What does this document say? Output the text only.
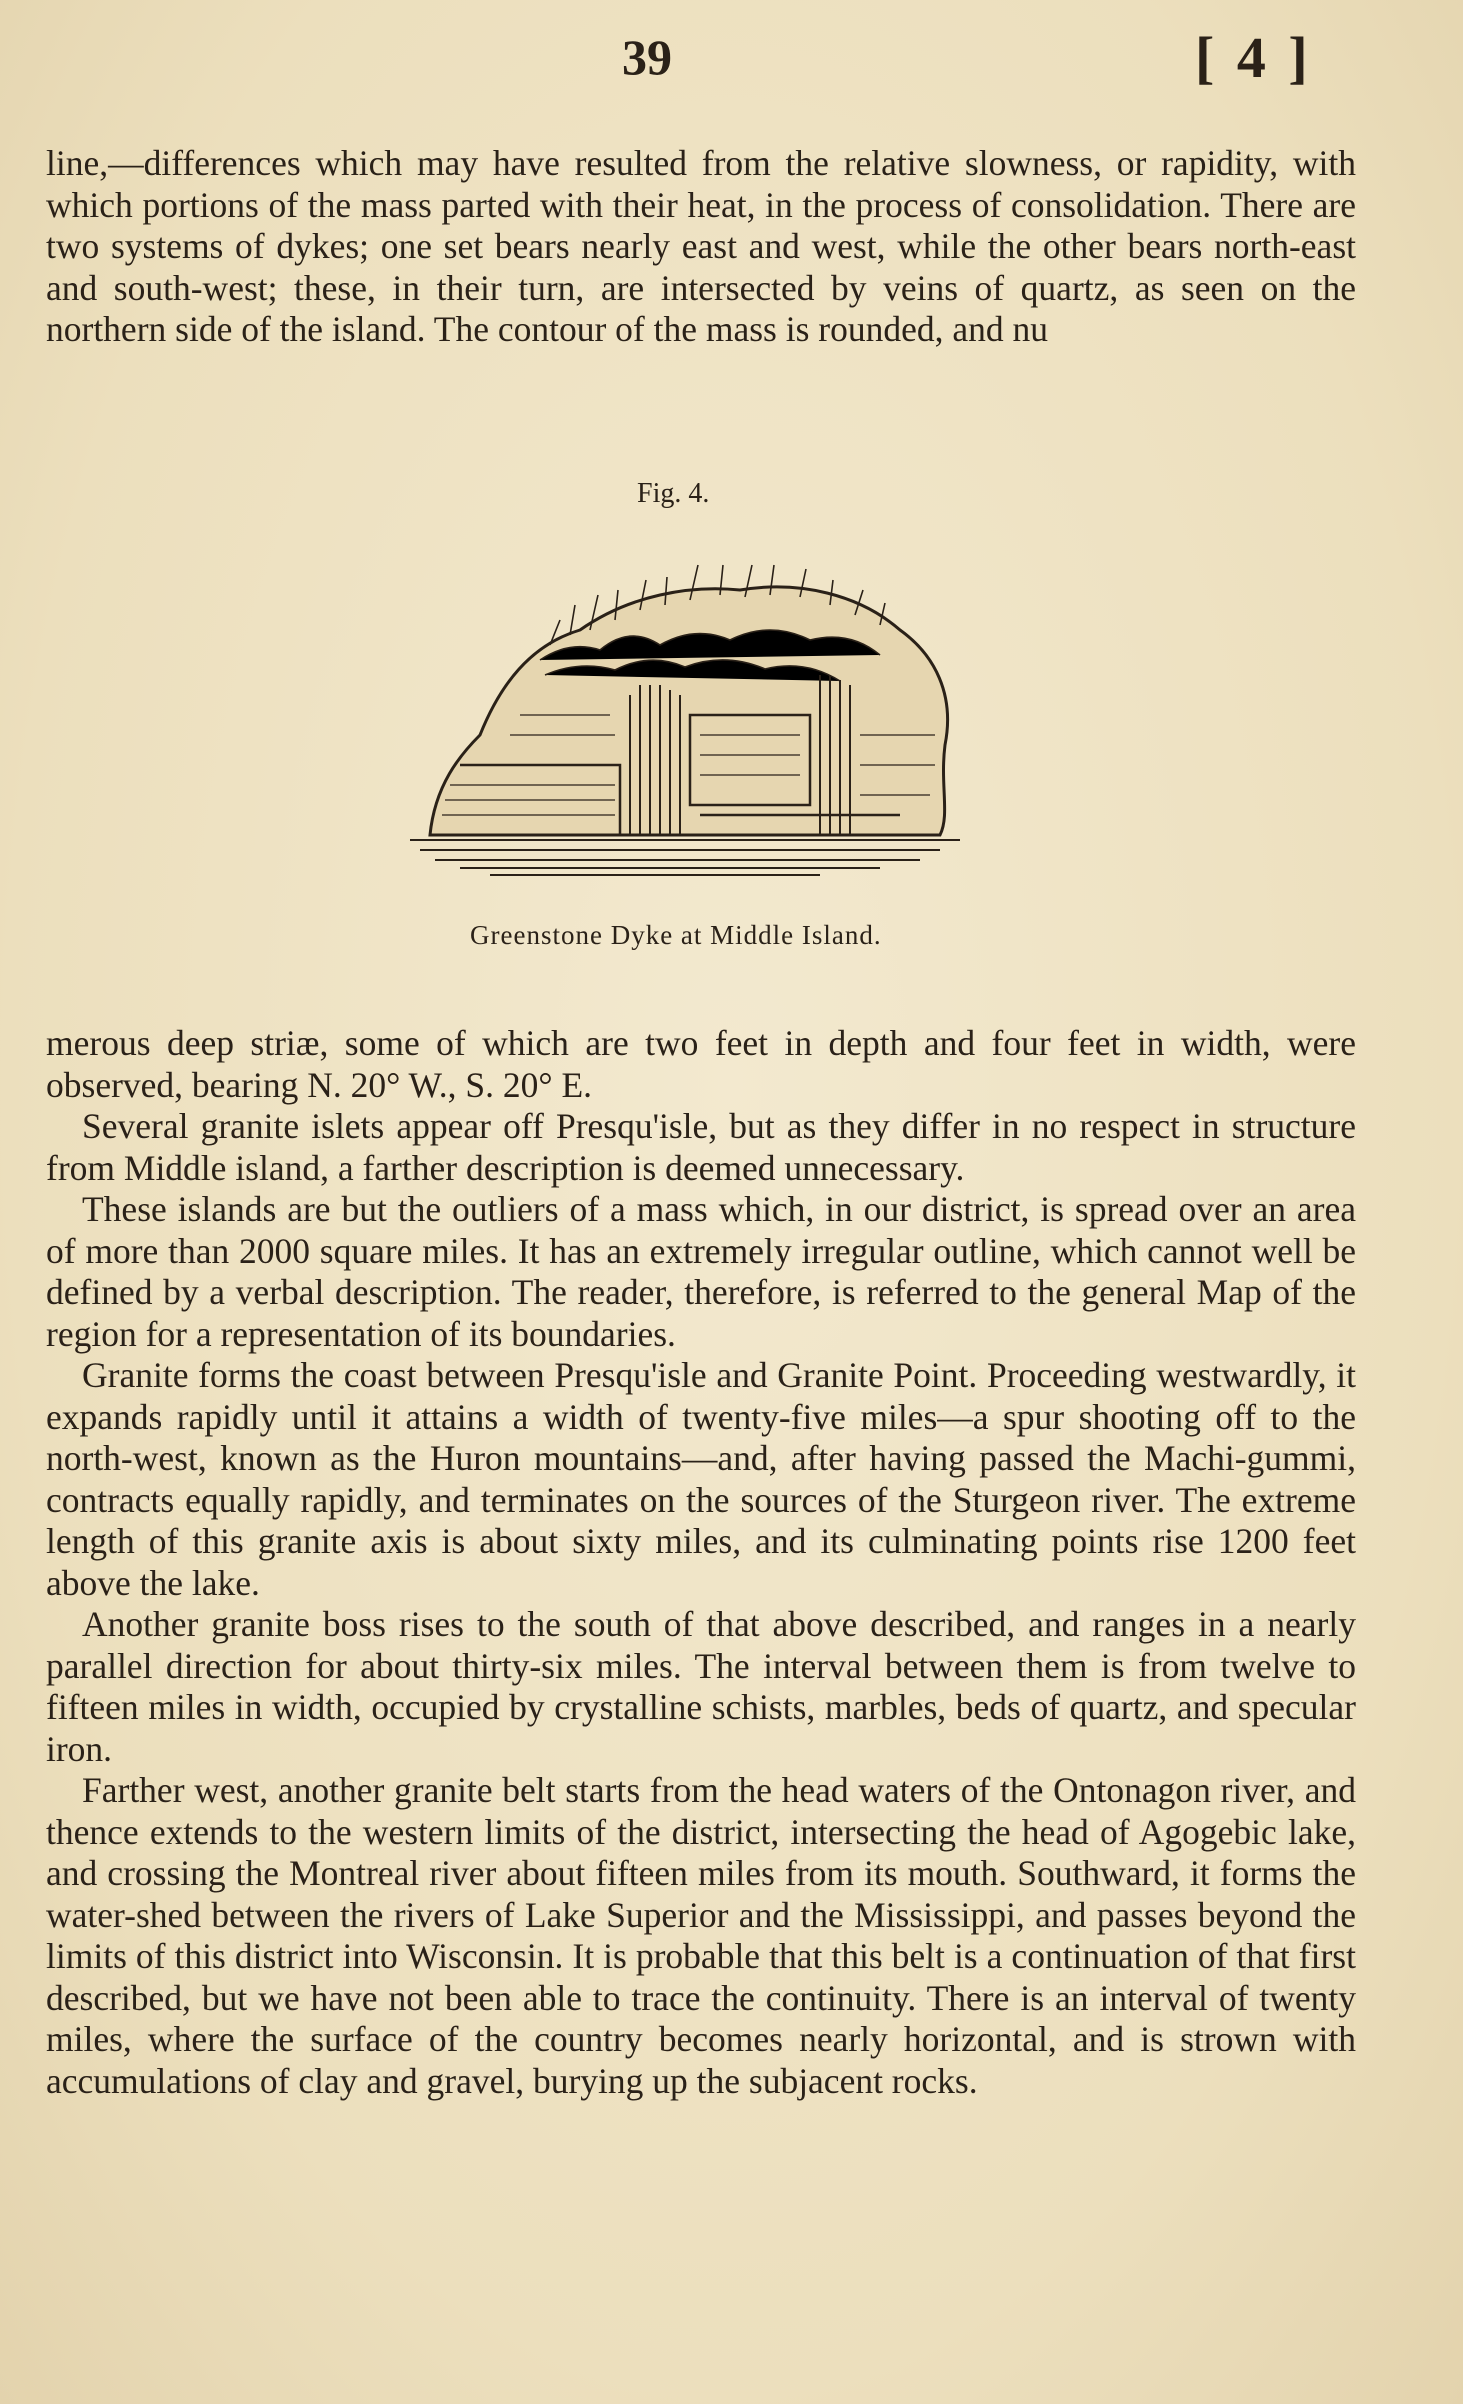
39	[ 4 ]

line,—differences which may have resulted from the relative slowness, or rapidity, with which portions of the mass parted with their heat, in the process of consolidation. There are two systems of dykes; one set bears nearly east and west, while the other bears north-east and south-west; these, in their turn, are intersected by veins of quartz, as seen on the northern side of the island. The contour of the mass is rounded, and nu

Fig. 4.
Greenstone Dyke at Middle Island.

merous deep striæ, some of which are two feet in depth and four feet in width, were observed, bearing N. 20° W., S. 20° E.

Several granite islets appear off Presqu'isle, but as they differ in no respect in structure from Middle island, a farther description is deemed unnecessary.

These islands are but the outliers of a mass which, in our district, is spread over an area of more than 2000 square miles. It has an extremely irregular outline, which cannot well be defined by a verbal description. The reader, therefore, is referred to the general Map of the region for a representation of its boundaries.

Granite forms the coast between Presqu'isle and Granite Point. Proceeding westwardly, it expands rapidly until it attains a width of twenty-five miles—a spur shooting off to the north-west, known as the Huron mountains—and, after having passed the Machi-gummi, contracts equally rapidly, and terminates on the sources of the Sturgeon river. The extreme length of this granite axis is about sixty miles, and its culminating points rise 1200 feet above the lake.

Another granite boss rises to the south of that above described, and ranges in a nearly parallel direction for about thirty-six miles. The interval between them is from twelve to fifteen miles in width, occupied by crystalline schists, marbles, beds of quartz, and specular iron.

Farther west, another granite belt starts from the head waters of the Ontonagon river, and thence extends to the western limits of the district, intersecting the head of Agogebic lake, and crossing the Montreal river about fifteen miles from its mouth. Southward, it forms the water-shed between the rivers of Lake Superior and the Mississippi, and passes beyond the limits of this district into Wisconsin. It is probable that this belt is a continuation of that first described, but we have not been able to trace the continuity. There is an interval of twenty miles, where the surface of the country becomes nearly horizontal, and is strown with accumulations of clay and gravel, burying up the subjacent rocks.
